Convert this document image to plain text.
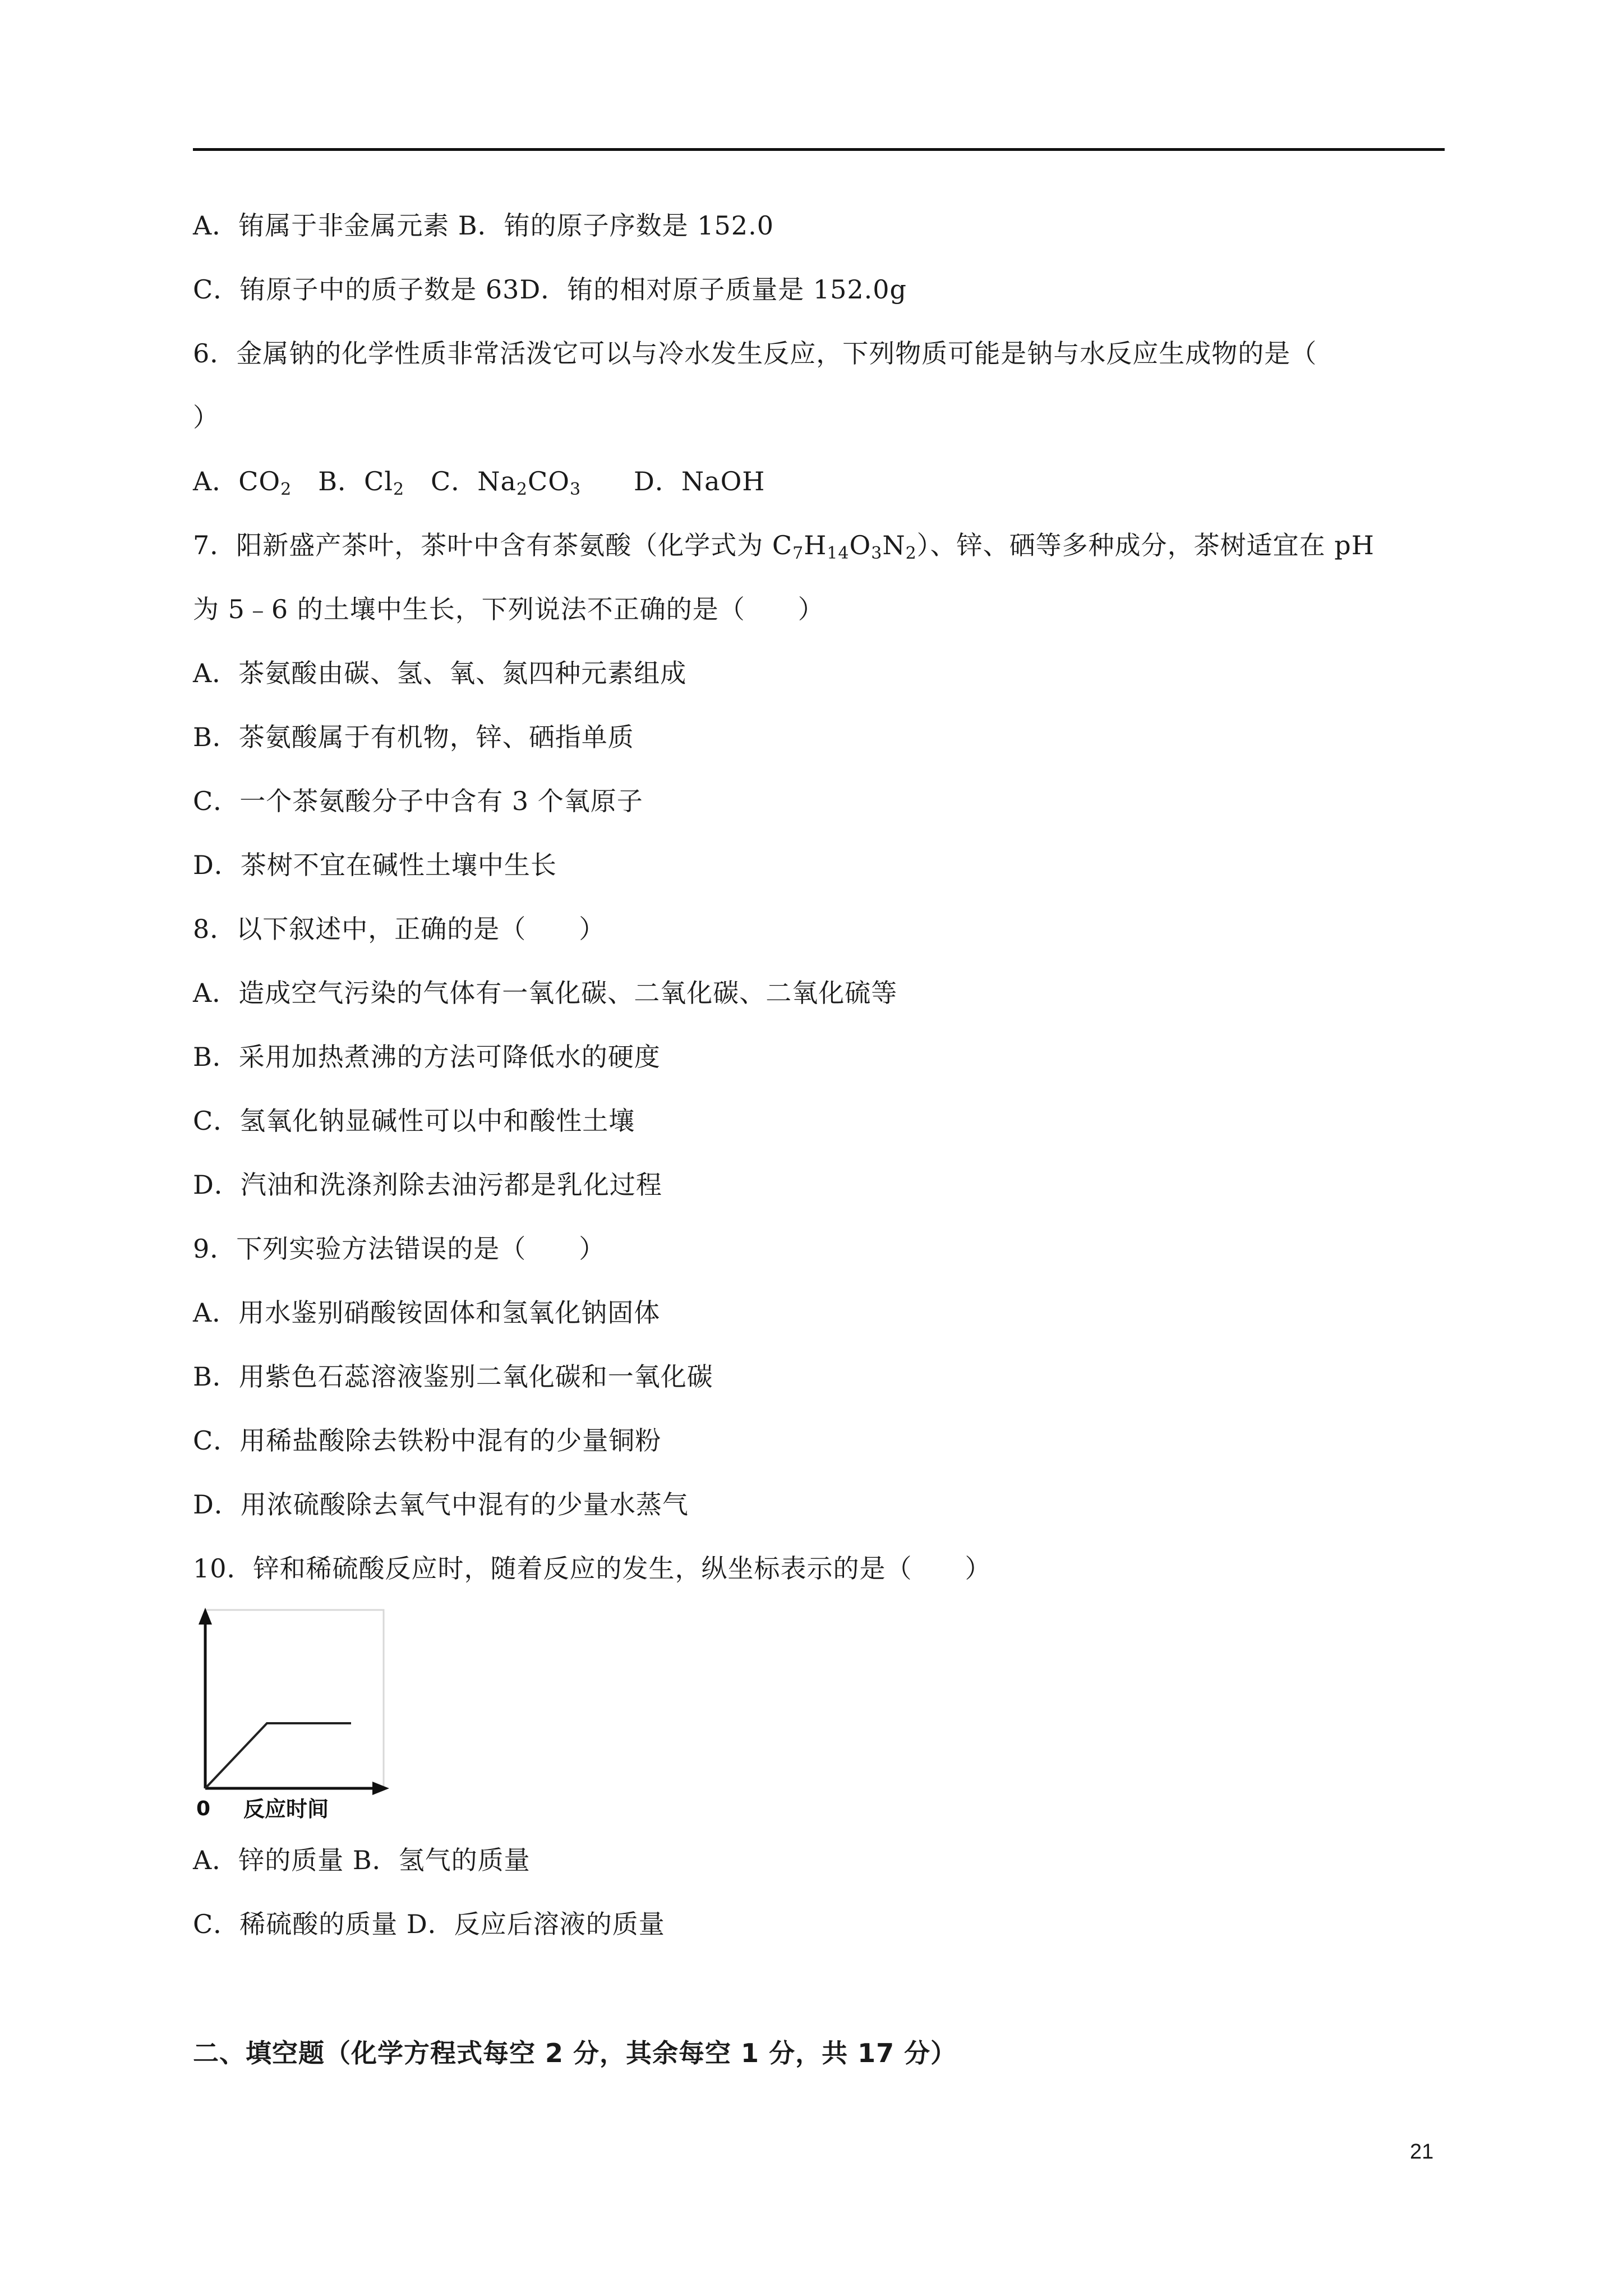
A．铕属于非金属元素 B．铕的原子序数是 152.0
C．铕原子中的质子数是 63D．铕的相对原子质量是 152.0g
6．金属钠的化学性质非常活泼它可以与冷水发生反应，下列物质可能是钠与水反应生成物的是（
）
A．$CO_2$　B．$Cl_2$　C．$Na_2CO_3$　　D．NaOH
7．阳新盛产茶叶，茶叶中含有茶氨酸（化学式为 $C_7H_{14}O_3N_2$）、锌、硒等多种成分，茶树适宜在 pH
为 5﹣6 的土壤中生长，下列说法不正确的是（　　）
A．茶氨酸由碳、氢、氧、氮四种元素组成
B．茶氨酸属于有机物，锌、硒指单质
C．一个茶氨酸分子中含有 3 个氧原子
D．茶树不宜在碱性土壤中生长
8．以下叙述中，正确的是（　　）
A．造成空气污染的气体有一氧化碳、二氧化碳、二氧化硫等
B．采用加热煮沸的方法可降低水的硬度
C．氢氧化钠显碱性可以中和酸性土壤
D．汽油和洗涤剂除去油污都是乳化过程
9．下列实验方法错误的是（　　）
A．用水鉴别硝酸铵固体和氢氧化钠固体
B．用紫色石蕊溶液鉴别二氧化碳和一氧化碳
C．用稀盐酸除去铁粉中混有的少量铜粉
D．用浓硫酸除去氧气中混有的少量水蒸气
10．锌和稀硫酸反应时，随着反应的发生，纵坐标表示的是（　　）
0 反应时间
A．锌的质量 B．氢气的质量
C．稀硫酸的质量 D．反应后溶液的质量
二、填空题（化学方程式每空 2 分，其余每空 1 分，共 17 分）
21
